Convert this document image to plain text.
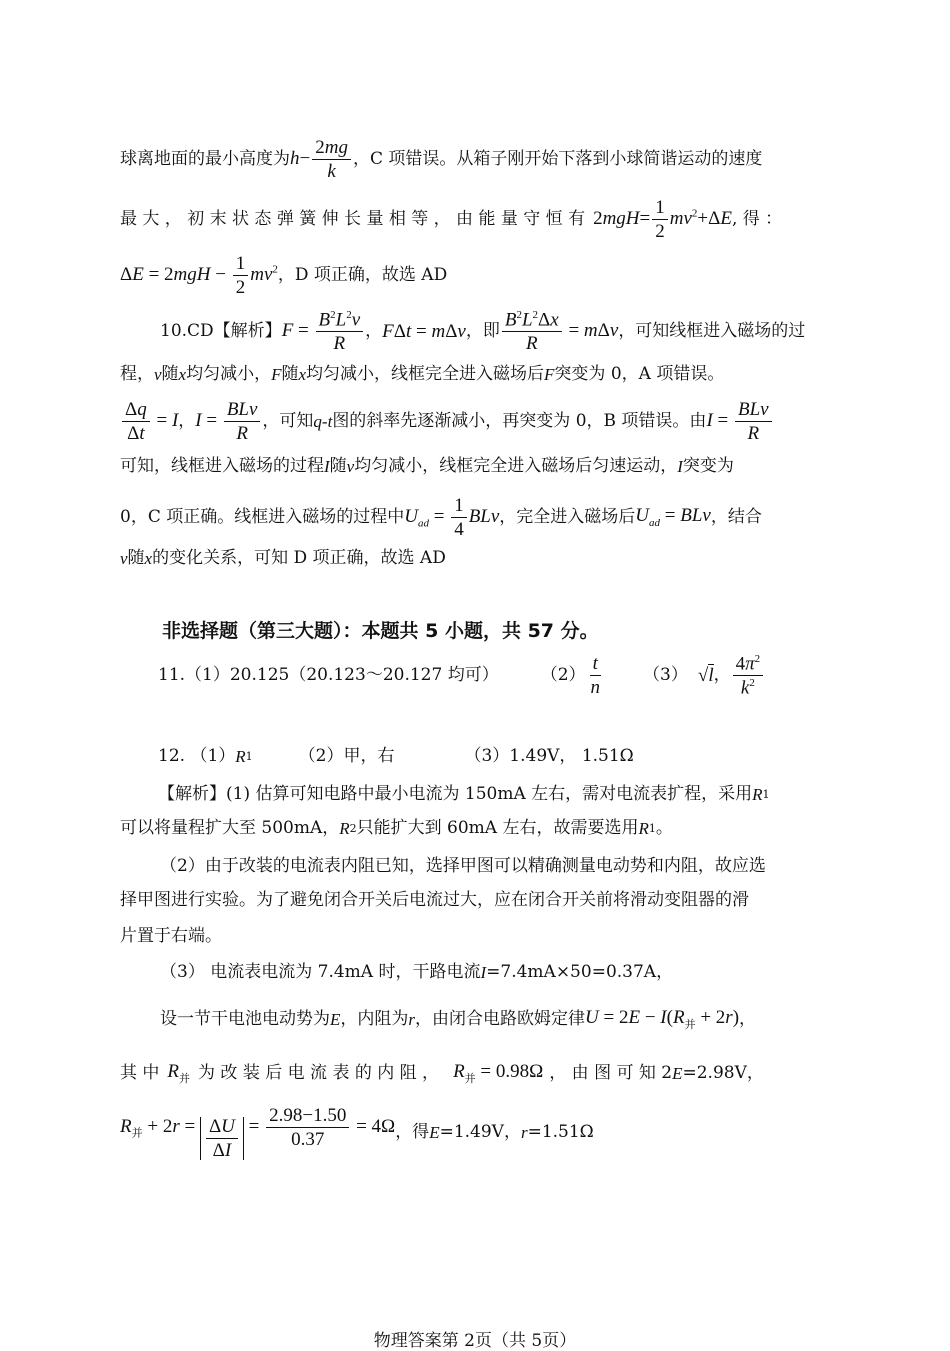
球离地面的最小高度为 $h- \frac{2mg}{k}$ ，C 项错误。从箱子刚开始下落到小球简谐运动的速度
最 大 ， 初 末 状 态 弹 簧 伸 长 量 相 等 ， 由 能 量 守 恒 有 $2mgH= \frac{1}{2} mv^2+\Delta E$ , 得 ：
$\Delta E = 2mgH - \frac{1}{2} mv^2$ ，D 项正确，故选 AD
10.CD【解析】 $F = \frac{B^2L^2v}{R}$ ， FΔt = mΔv ，即 $\frac{B^2L^2\Delta x}{R} = m\Delta v$ ，可知线框进入磁场的过
程， v 随 x 均匀减小， F 随 x 均匀减小，线框完全进入磁场后 F 突变为 0，A 项错误。
$\frac{\Delta q}{\Delta t} = I$ ， $I = \frac{\text{BLv}}{R}$ ，可知 q-t 图的斜率先逐渐减小，再突变为 0，B 项错误。由 $I = \frac{\text{BLv}}{R}$
可知，线框进入磁场的过程 I 随 v 均匀减小，线框完全进入磁场后匀速运动， I 突变为
0，C 项正确。线框进入磁场的过程中 $U_{ad} = \frac{1}{4}$ BLv ，完全进入磁场后 $U_{ad}$ = BLv ，结合
v 随 x 的变化关系，可知 D 项正确，故选 AD
非选择题（第三大题）：本题共 5 小题，共 57 分。
11.（1）20.125（20.123～20.127 均可） $(2) \frac{t}{n} (3)$ √l ， $\frac{4\pi^2}{k^2}$
12. （1） R 1	（2）甲，右	（3）1.49V， 1.51Ω
【解析】(1) 估算可知电路中最小电流为 150mA 左右，需对电流表扩程，采用 R 1
可以将量程扩大至 500mA， R 2 只能扩大到 60mA 左右，故需要选用 R 1 。
（2）由于改装的电流表内阻已知，选择甲图可以精确测量电动势和内阻，故应选
择甲图进行实验。为了避免闭合开关后电流过大，应在闭合开关前将滑动变阻器的滑
片置于右端。
（3） 电流表电流为 7.4mA 时，干路电流 I =7.4mA×50=0.37A，
设一节干电池电动势为 E ，内阻为 r ，由闭合电路欧姆定律 $U = 2E - I(R_并 + 2r)$ ，
其 中 $R_并$ 为 改 装 后 电 流 表 的 内 阻 ， $R_并 = 0.98\Omega$ ， 由 图 可 知 2 E =2.98V，
$R_并 + 2r = \frac{\Delta U}{\Delta I} = \frac{2.98-1.50}{0.37} = 4\Omega$ ，得 E =1.49V， r =1.51Ω
物理答案第 2页（共 5页）
